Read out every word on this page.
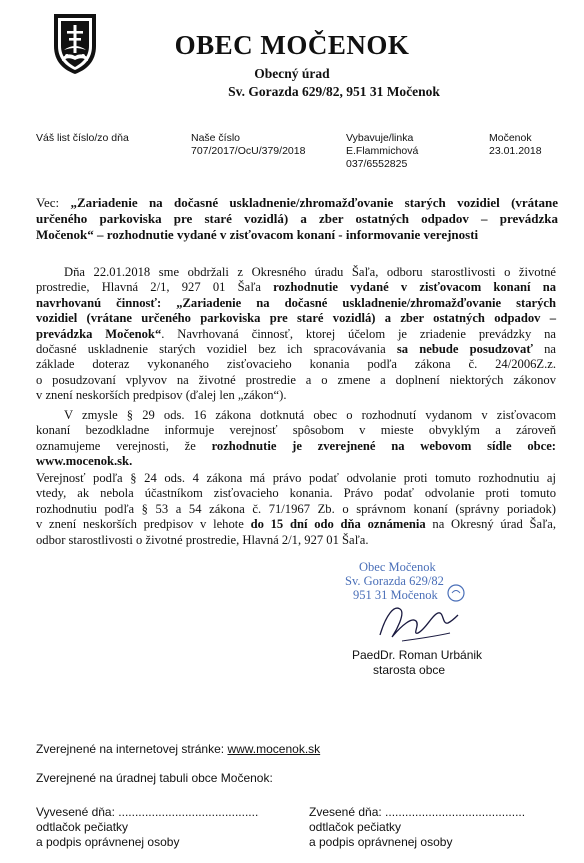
OBEC MOČENOK
Obecný úrad
Sv. Gorazda 629/82, 951 31 Močenok
Váš list číslo/zo dňa	Naše číslo
707/2017/OcU/379/2018
Vybavuje/linka
E.Flammichová
037/6552825
Močenok
23.01.2018
Vec: „Zariadenie na dočasné uskladnenie/zhromažďovanie starých vozidiel (vrátane
určeného parkoviska pre staré vozidlá) a zber ostatných odpadov – prevádzka
Močenok“ – rozhodnutie vydané v zisťovacom konaní - informovanie verejnosti
Dňa 22.01.2018 sme obdržali z Okresného úradu Šaľa, odboru starostlivosti o životné
prostredie, Hlavná 2/1, 927 01 Šaľa rozhodnutie vydané v zisťovacom konaní na
navrhovanú činnosť: „Zariadenie na dočasné uskladnenie/zhromažďovanie starých
vozidiel (vrátane určeného parkoviska pre staré vozidlá) a zber ostatných odpadov –
prevádzka Močenok“. Navrhovaná činnosť, ktorej účelom je zriadenie prevádzky na
dočasné uskladnenie starých vozidiel bez ich spracovávania sa nebude posudzovať na
základe doteraz vykonaného zisťovacieho konania podľa zákona č. 24/2006Z.z.
o posudzovaní vplyvov na životné prostredie a o zmene a doplnení niektorých zákonov
v znení neskorších predpisov (ďalej len „zákon“).
V zmysle § 29 ods. 16 zákona dotknutá obec o rozhodnutí vydanom v zisťovacom
konaní bezodkladne informuje verejnosť spôsobom v mieste obvyklým a zároveň
oznamujeme verejnosti, že rozhodnutie je zverejnené na webovom sídle obce:
www.mocenok.sk.
Verejnosť podľa § 24 ods. 4 zákona má právo podať odvolanie proti tomuto rozhodnutiu aj
vtedy, ak nebola účastníkom zisťovacieho konania. Právo podať odvolanie proti tomuto
rozhodnutiu podľa § 53 a 54 zákona č. 71/1967 Zb. o správnom konaní (správny poriadok)
v znení neskorších predpisov v lehote do 15 dní odo dňa oznámenia na Okresný úrad Šaľa,
odbor starostlivosti o životné prostredie, Hlavná 2/1, 927 01 Šaľa.
Obec Močenok
Sv. Gorazda 629/82
951 31 Močenok
PaedDr. Roman Urbánik
starosta obce
Zverejnené na internetovej stránke: www.mocenok.sk
Zverejnené na úradnej tabuli obce Močenok:
Vyvesené dňa: ..........................................
odtlačok pečiatky
a podpis oprávnenej osoby
Zvesené dňa: ..........................................
odtlačok pečiatky
a podpis oprávnenej osoby
